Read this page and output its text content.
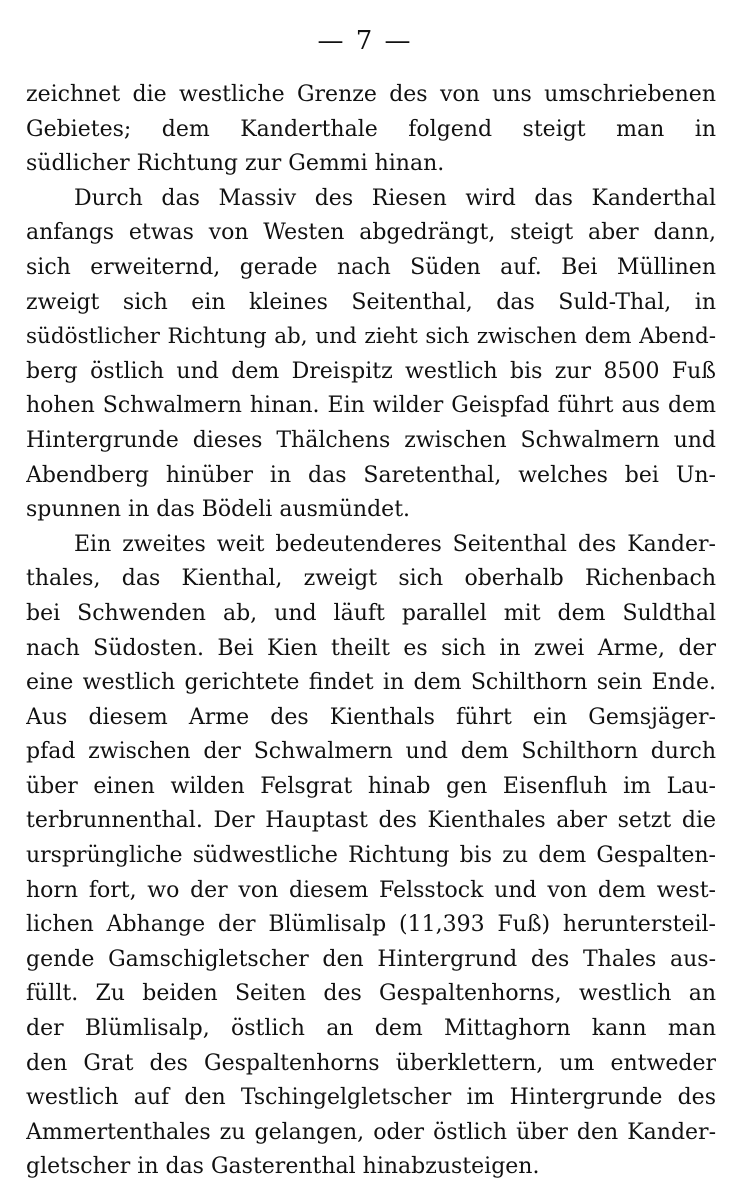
— 7 —
zeichnet die westliche Grenze des von uns umschriebenen
Gebietes; dem Kanderthale folgend steigt man in
südlicher Richtung zur Gemmi hinan.
Durch das Massiv des Riesen wird das Kanderthal
anfangs etwas von Westen abgedrängt, steigt aber dann,
sich erweiternd, gerade nach Süden auf. Bei Müllinen
zweigt sich ein kleines Seitenthal, das Suld-Thal, in
südöstlicher Richtung ab, und zieht sich zwischen dem Abend-
berg östlich und dem Dreispitz westlich bis zur 8500 Fuß
hohen Schwalmern hinan. Ein wilder Geispfad führt aus dem
Hintergrunde dieses Thälchens zwischen Schwalmern und
Abendberg hinüber in das Saretenthal, welches bei Un-
spunnen in das Bödeli ausmündet.
Ein zweites weit bedeutenderes Seitenthal des Kander-
thales, das Kienthal, zweigt sich oberhalb Richenbach
bei Schwenden ab, und läuft parallel mit dem Suldthal
nach Südosten. Bei Kien theilt es sich in zwei Arme, der
eine westlich gerichtete findet in dem Schilthorn sein Ende.
Aus diesem Arme des Kienthals führt ein Gemsjäger-
pfad zwischen der Schwalmern und dem Schilthorn durch
über einen wilden Felsgrat hinab gen Eisenfluh im Lau-
terbrunnenthal. Der Hauptast des Kienthales aber setzt die
ursprüngliche südwestliche Richtung bis zu dem Gespalten-
horn fort, wo der von diesem Felsstock und von dem west-
lichen Abhange der Blümlisalp (11,393 Fuß) heruntersteil-
gende Gamschigletscher den Hintergrund des Thales aus-
füllt. Zu beiden Seiten des Gespaltenhorns, westlich an
der Blümlisalp, östlich an dem Mittaghorn kann man
den Grat des Gespaltenhorns überklettern, um entweder
westlich auf den Tschingelgletscher im Hintergrunde des
Ammertenthales zu gelangen, oder östlich über den Kander-
gletscher in das Gasterenthal hinabzusteigen.
